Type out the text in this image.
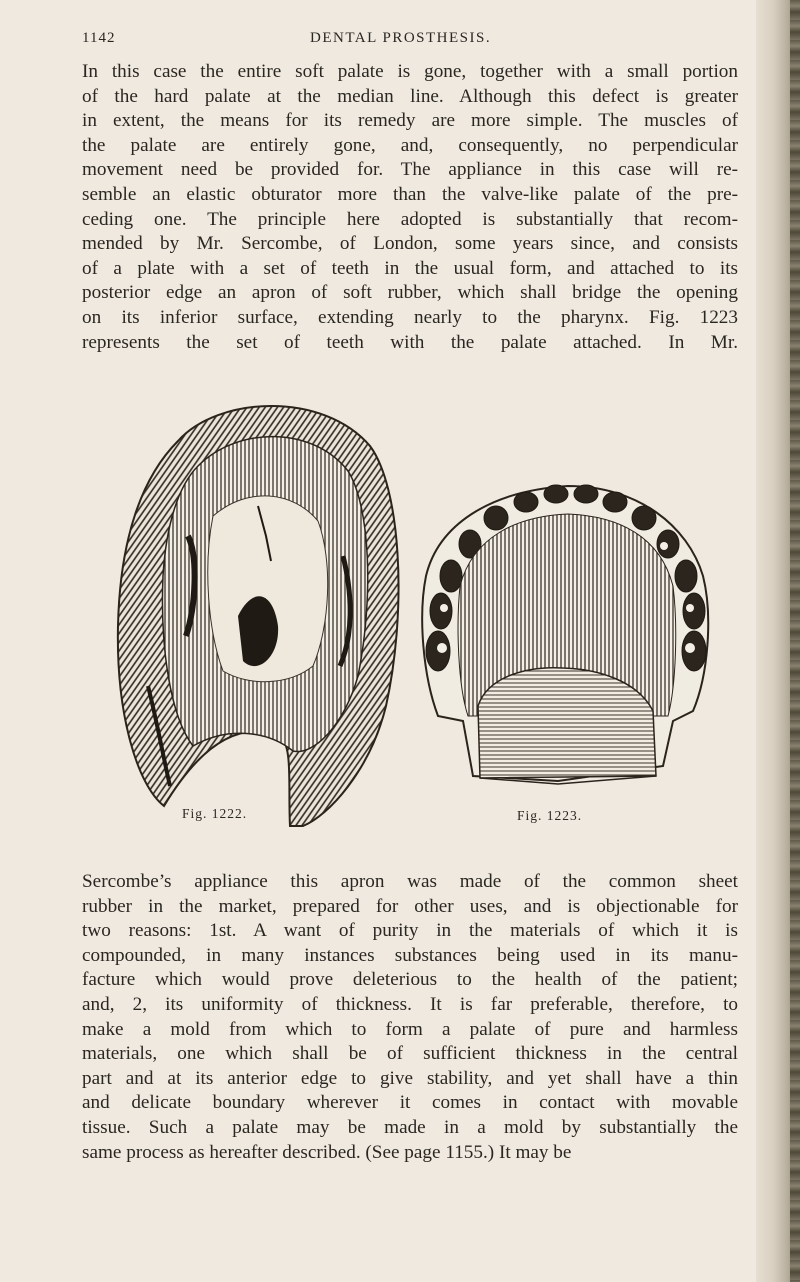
1142	DENTAL PROSTHESIS.

In this case the entire soft palate is gone, together with a small portion

of the hard palate at the median line. Although this defect is greater

in extent, the means for its remedy are more simple. The muscles of

the palate are entirely gone, and, consequently, no perpendicular

movement need be provided for. The appliance in this case will re-

semble an elastic obturator more than the valve-like palate of the pre-

ceding one. The principle here adopted is substantially that recom-

mended by Mr. Sercombe, of London, some years since, and consists

of a plate with a set of teeth in the usual form, and attached to its

posterior edge an apron of soft rubber, which shall bridge the opening

on its inferior surface, extending nearly to the pharynx. Fig. 1223

represents the set of teeth with the palate attached. In Mr.

Fig. 1222.	Fig. 1223.

Sercombe’s appliance this apron was made of the common sheet

rubber in the market, prepared for other uses, and is objectionable for

two reasons: 1st. A want of purity in the materials of which it is

compounded, in many instances substances being used in its manu-

facture which would prove deleterious to the health of the patient;

and, 2, its uniformity of thickness. It is far preferable, therefore, to

make a mold from which to form a palate of pure and harmless

materials, one which shall be of sufficient thickness in the central

part and at its anterior edge to give stability, and yet shall have a thin

and delicate boundary wherever it comes in contact with movable

tissue. Such a palate may be made in a mold by substantially the

same process as hereafter described. (See page 1155.) It may be
